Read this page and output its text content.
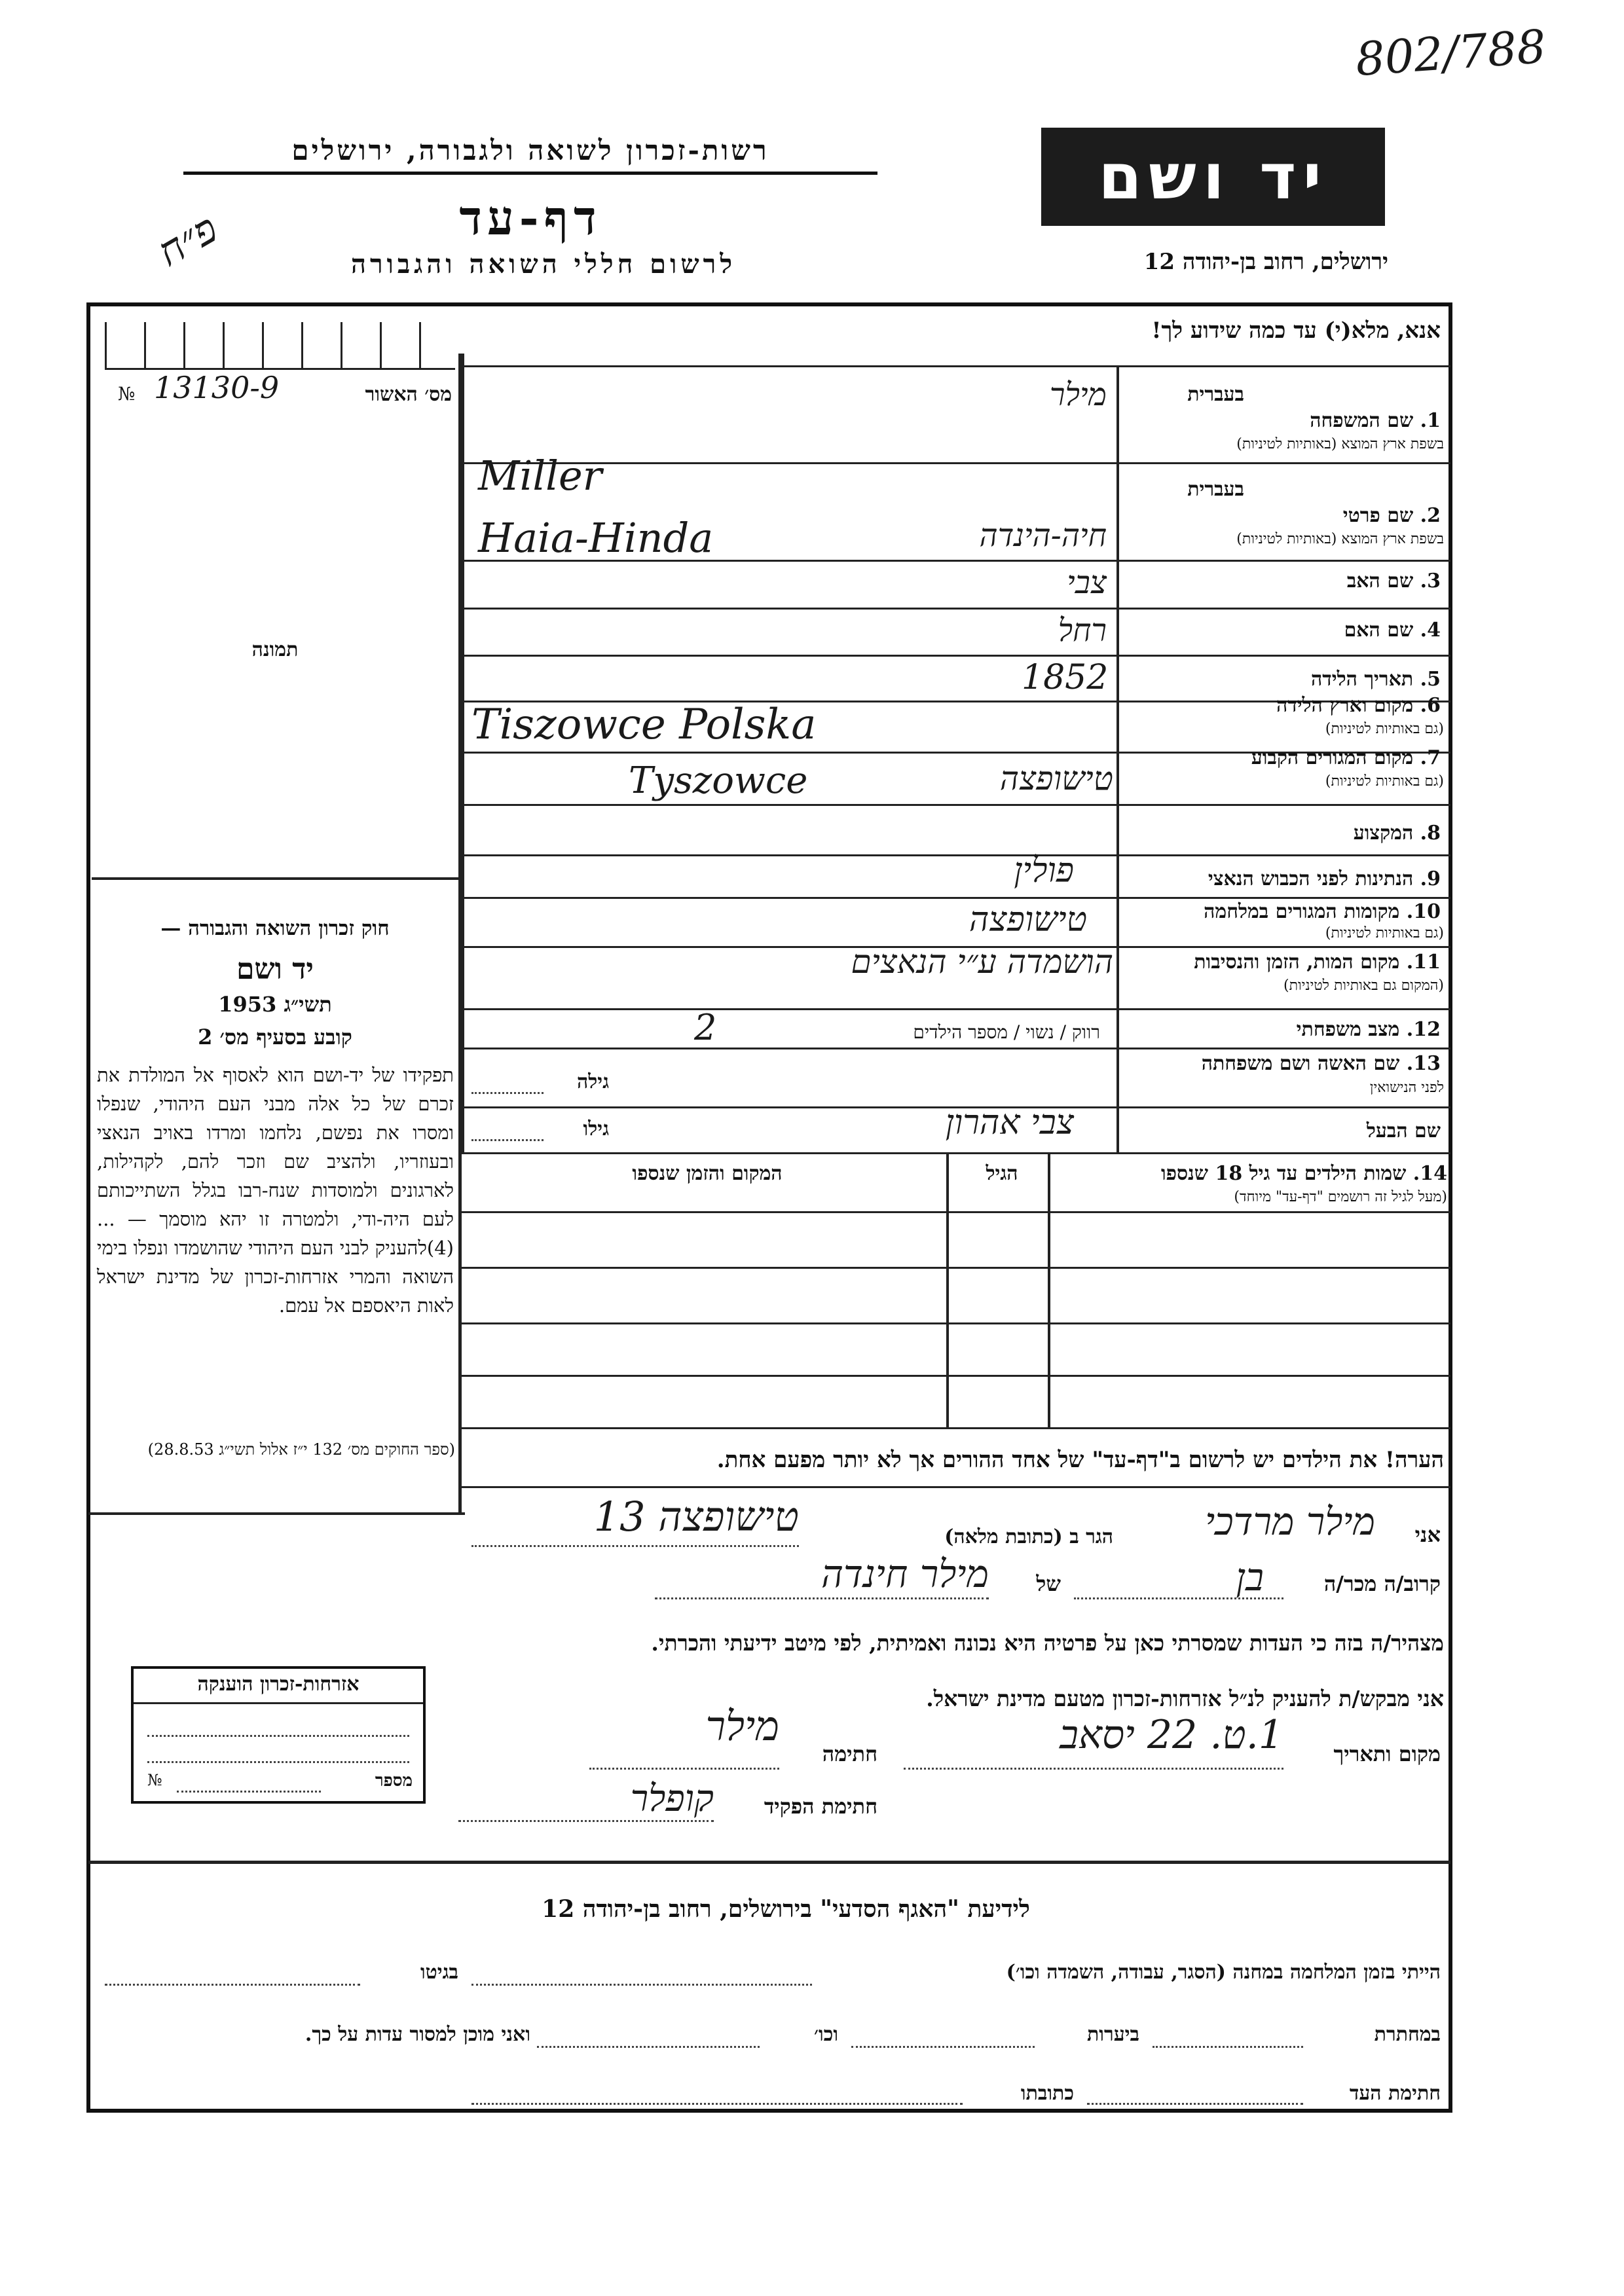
802/788
רשות-זכרון לשואה ולגבורה, ירושלים
דף-עד
לרשום חללי השואה והגבורה
פ״ח
יד ושם
ירושלים, רחוב בן-יהודה 12
אנא, מלא(י) עד כמה שידוע לך!
מס׳ האשור
13130-9
№
תמונה
חוק זכרון השואה והגבורה —
יד ושם
תשי״ג 1953
קובע בסעיף מס׳ 2
תפקידו של יד-ושם הוא לאסוף אל המולדת את זכרם של כל אלה מבני העם היהודי, שנפלו ומסרו את נפשם, נלחמו ומרדו באויב הנאצי ובעוזריו, ולהציב שם וזכר להם, לקהילות, לארגונים ולמוסדות שנח-רבו בגלל השתייכותם לעם היה-ודי, ולמטרה זו יהא מוסמך — ...(4)להעניק לבני העם היהודי שהושמדו ונפלו בימי השואה והמרי אזרחות-זכרון של מדינת ישראל לאות היאספם אל עמם.
(ספר החוקים מס׳ 132 י״ז אלול תשי״ג 28.8.53)
בעברית
1. שם המשפחה
בשפת ארץ המוצא (באותיות לטיניות)
מילר
Miller	בעברית
2. שם פרטי
בשפת ארץ המוצא (באותיות לטיניות)
חיה-הינדה
Haia-Hinda
3. שם האב
צבי
4. שם האם
רחל
5. תאריך הלידה
1852
6. מקום וארץ הלידה
(גם באותיות לטיניות)
Tiszowce Polska
7. מקום המגורים הקבוע
(גם באותיות לטיניות)
טישופצה
Tyszowce
8. המקצוע
9. הנתינות לפני הכבוש הנאצי
פולין
10. מקומות המגורים במלחמה
(גם באותיות לטיניות)
טישופצה
11. מקום המות, הזמן והנסיבות
(המקום גם באותיות לטיניות)
הושמדה ע״י הנאצים
12. מצב משפחתי
רווק / נשוי / מספר הילדים
2
13. שם האשה ושם משפחתה
לפני הנישואין
גילה
שם הבעל
גילו	צבי אהרון
14. שמות הילדים עד גיל 18 שנספו
(מעל לגיל זה רושמים "דף-עד" מיוחד)
הגיל
המקום והזמן שנספו
הערה! את הילדים יש לרשום ב"דף-עד" של אחד ההורים אך לא יותר מפעם אחת.
אני
מילר מרדכי
הגר ב (כתובת מלאה)
טישופצה 13
קרוב/ה מכר/ה
בן
של
מילר חינדה
מצהיר/ה בזה כי העדות שמסרתי כאן על פרטיה היא נכונה ואמיתית, לפי מיטב ידיעתי והכרתי.
אני מבקש/ת להעניק לנ״ל אזרחות-זכרון מטעם מדינת ישראל.
מקום ותאריך
1.ט. 22 יסאב
חתימה
מילר
חתימת הפקיד
קופלר
אזרחות-זכרון הוענקה
מספר
№
לידיעת "האגף הסדעי" בירושלים, רחוב בן-יהודה 12
הייתי בזמן המלחמה במחנה (הסגר, עבודה, השמדה וכו׳)
בגיטו
במחתרת
ביערות
וכו׳
ואני מוכן למסור עדות על כך.
חתימת העד
כתובתו
